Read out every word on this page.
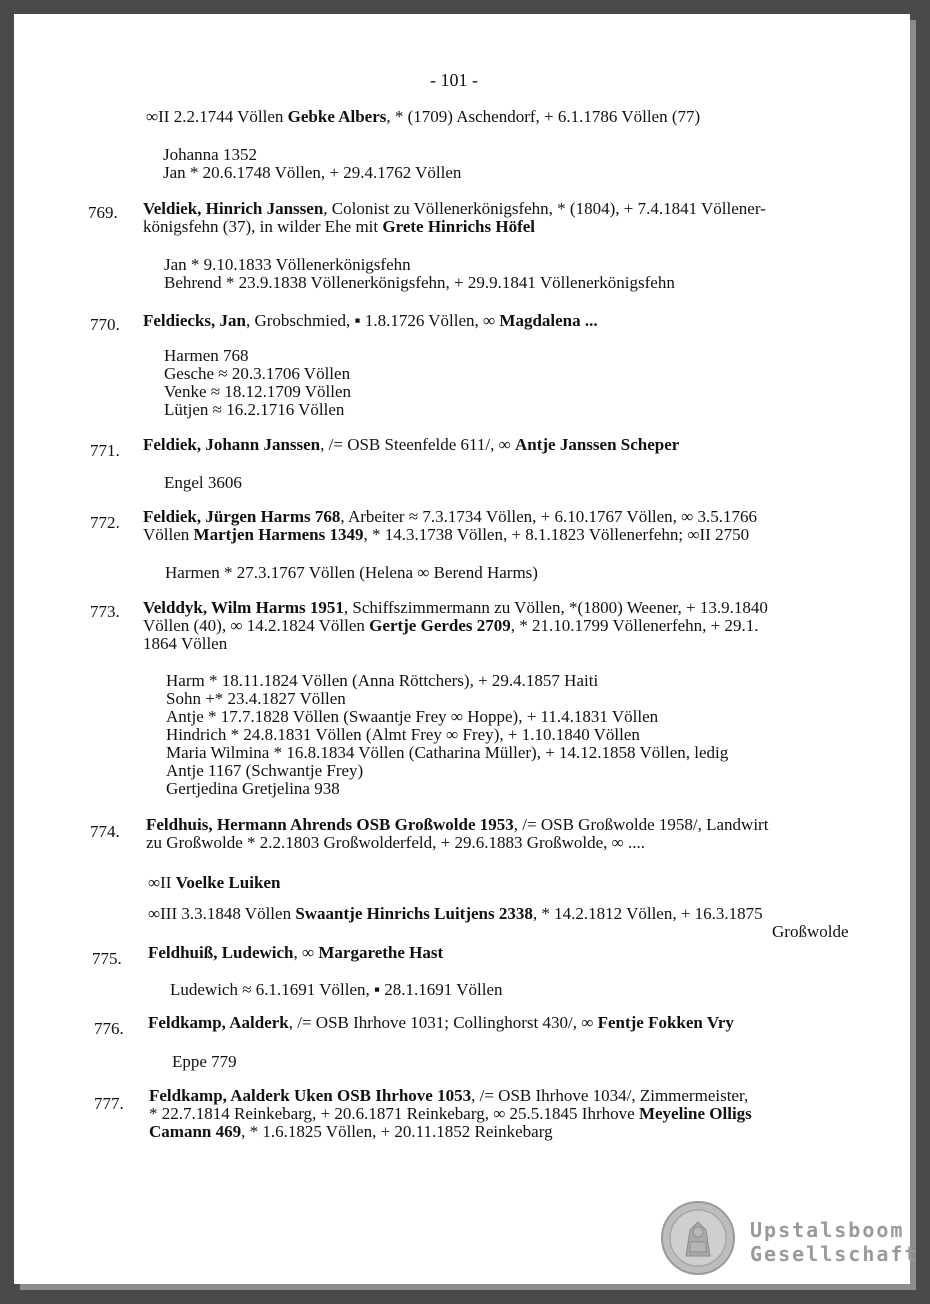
- 101 -
∞II 2.2.1744 Völlen Gebke Albers, * (1709) Aschendorf, + 6.1.1786 Völlen (77)
Johanna 1352
Jan * 20.6.1748 Völlen, + 29.4.1762 Völlen
769. Veldiek, Hinrich Janssen, Colonist zu Völlenerkönigsfehn, * (1804), + 7.4.1841 Völlener-
königsfehn (37), in wilder Ehe mit Grete Hinrichs Höfel
Jan * 9.10.1833 Völlenerkönigsfehn
Behrend * 23.9.1838 Völlenerkönigsfehn, + 29.9.1841 Völlenerkönigsfehn
770. Feldiecks, Jan, Grobschmied, ▪ 1.8.1726 Völlen, ∞ Magdalena ...
Harmen 768
Gesche ≈ 20.3.1706 Völlen
Venke ≈ 18.12.1709 Völlen
Lütjen ≈ 16.2.1716 Völlen
771. Feldiek, Johann Janssen, /= OSB Steenfelde 611/, ∞ Antje Janssen Scheper
Engel 3606
772. Feldiek, Jürgen Harms 768, Arbeiter ≈ 7.3.1734 Völlen, + 6.10.1767 Völlen, ∞ 3.5.1766
Völlen Martjen Harmens 1349, * 14.3.1738 Völlen, + 8.1.1823 Völlenerfehn; ∞II 2750
Harmen * 27.3.1767 Völlen (Helena ∞ Berend Harms)
773. Velddyk, Wilm Harms 1951, Schiffszimmermann zu Völlen, *(1800) Weener, + 13.9.1840
Völlen (40), ∞ 14.2.1824 Völlen Gertje Gerdes 2709, * 21.10.1799 Völlenerfehn, + 29.1.
1864 Völlen
Harm * 18.11.1824 Völlen (Anna Röttchers), + 29.4.1857 Haiti
Sohn +* 23.4.1827 Völlen
Antje * 17.7.1828 Völlen (Swaantje Frey ∞ Hoppe), + 11.4.1831 Völlen
Hindrich * 24.8.1831 Völlen (Almt Frey ∞ Frey), + 1.10.1840 Völlen
Maria Wilmina * 16.8.1834 Völlen (Catharina Müller), + 14.12.1858 Völlen, ledig
Antje 1167 (Schwantje Frey)
Gertjedina Gretjelina 938
774. Feldhuis, Hermann Ahrends OSB Großwolde 1953, /= OSB Großwolde 1958/, Landwirt
zu Großwolde * 2.2.1803 Großwolderfeld, + 29.6.1883 Großwolde, ∞ ....
∞II Voelke Luiken
∞III 3.3.1848 Völlen Swaantje Hinrichs Luitjens 2338, * 14.2.1812 Völlen, + 16.3.1875
Großwolde
775. Feldhuiß, Ludewich, ∞ Margarethe Hast
Ludewich ≈ 6.1.1691 Völlen, ▪ 28.1.1691 Völlen
776. Feldkamp, Aalderk, /= OSB Ihrhove 1031; Collinghorst 430/, ∞ Fentje Fokken Vry
Eppe 779
777. Feldkamp, Aalderk Uken OSB Ihrhove 1053, /= OSB Ihrhove 1034/, Zimmermeister,
* 22.7.1814 Reinkebarg, + 20.6.1871 Reinkebarg, ∞ 25.5.1845 Ihrhove Meyeline Olligs
Camann 469, * 1.6.1825 Völlen, + 20.11.1852 Reinkebarg
Upstalsboom
Gesellschaft
